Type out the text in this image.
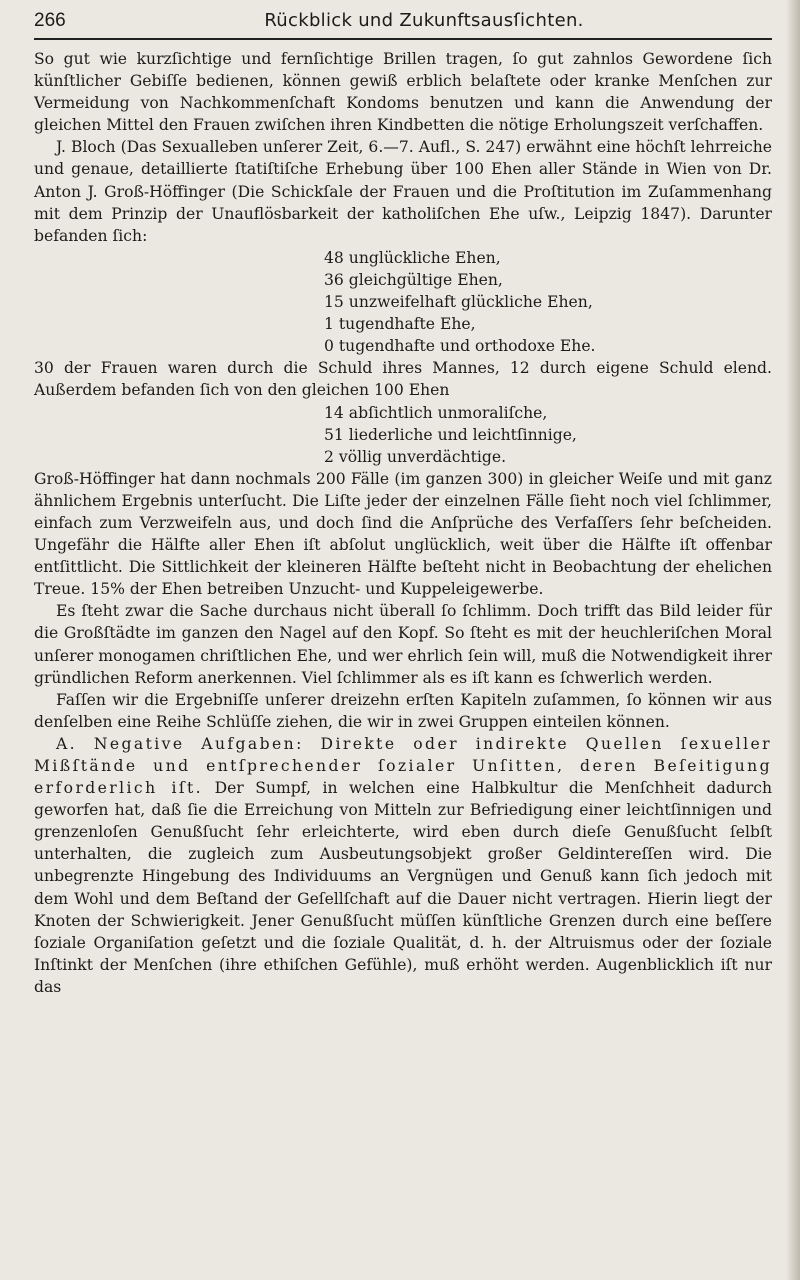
266	Rückblick und Zukunftsausſichten.

So gut wie kurzſichtige und fernſichtige Brillen tragen, ſo gut zahnlos Gewordene ſich künſtlicher Gebiſſe bedienen, können gewiß erblich belaſtete oder kranke Menſchen zur Vermeidung von Nachkommenſchaft Kondoms benutzen und kann die Anwendung der gleichen Mittel den Frauen zwiſchen ihren Kindbetten die nötige Erholungszeit verſchaffen.

J. Bloch (Das Sexualleben unſerer Zeit, 6.—7. Aufl., S. 247) erwähnt eine höchſt lehrreiche und genaue, detaillierte ſtatiſtiſche Erhebung über 100 Ehen aller Stände in Wien von Dr. Anton J. Groß-Höffinger (Die Schickſale der Frauen und die Proſtitution im Zuſammenhang mit dem Prinzip der Unauflösbarkeit der katholiſchen Ehe uſw., Leipzig 1847). Darunter befanden ſich:

48 unglückliche Ehen,
36 gleichgültige Ehen,
15 unzweifelhaft glückliche Ehen,
1 tugendhafte Ehe,
0 tugendhafte und orthodoxe Ehe.

30 der Frauen waren durch die Schuld ihres Mannes, 12 durch eigene Schuld elend. Außerdem befanden ſich von den gleichen 100 Ehen

14 abſichtlich unmoraliſche,
51 liederliche und leichtſinnige,
2 völlig unverdächtige.

Groß-Höffinger hat dann nochmals 200 Fälle (im ganzen 300) in gleicher Weiſe und mit ganz ähnlichem Ergebnis unterſucht. Die Liſte jeder der einzelnen Fälle ſieht noch viel ſchlimmer, einfach zum Verzweifeln aus, und doch ſind die Anſprüche des Verfaſſers ſehr beſcheiden. Ungefähr die Hälfte aller Ehen iſt abſolut unglücklich, weit über die Hälfte iſt offenbar entſittlicht. Die Sittlichkeit der kleineren Hälfte beſteht nicht in Beobachtung der ehelichen Treue. 15% der Ehen betreiben Unzucht- und Kuppeleigewerbe.

Es ſteht zwar die Sache durchaus nicht überall ſo ſchlimm. Doch trifft das Bild leider für die Großſtädte im ganzen den Nagel auf den Kopf. So ſteht es mit der heuchleriſchen Moral unſerer monogamen chriſtlichen Ehe, und wer ehrlich ſein will, muß die Notwendigkeit ihrer gründlichen Reform anerkennen. Viel ſchlimmer als es iſt kann es ſchwerlich werden.

Faſſen wir die Ergebniſſe unſerer dreizehn erſten Kapiteln zuſammen, ſo können wir aus denſelben eine Reihe Schlüſſe ziehen, die wir in zwei Gruppen einteilen können.

A. Negative Aufgaben: Direkte oder indirekte Quellen ſexueller Mißſtände und entſprechender ſozialer Unſitten, deren Beſeitigung erforderlich iſt. Der Sumpf, in welchen eine Halbkultur die Menſchheit dadurch geworfen hat, daß ſie die Erreichung von Mitteln zur Befriedigung einer leichtſinnigen und grenzenloſen Genußſucht ſehr erleichterte, wird eben durch dieſe Genußſucht ſelbſt unterhalten, die zugleich zum Ausbeutungsobjekt großer Geldintereſſen wird. Die unbegrenzte Hingebung des Individuums an Vergnügen und Genuß kann ſich jedoch mit dem Wohl und dem Beſtand der Geſellſchaft auf die Dauer nicht vertragen. Hierin liegt der Knoten der Schwierigkeit. Jener Genußſucht müſſen künſtliche Grenzen durch eine beſſere ſoziale Organiſation geſetzt und die ſoziale Qualität, d. h. der Altruismus oder der ſoziale Inſtinkt der Menſchen (ihre ethiſchen Gefühle), muß erhöht werden. Augenblicklich iſt nur das
